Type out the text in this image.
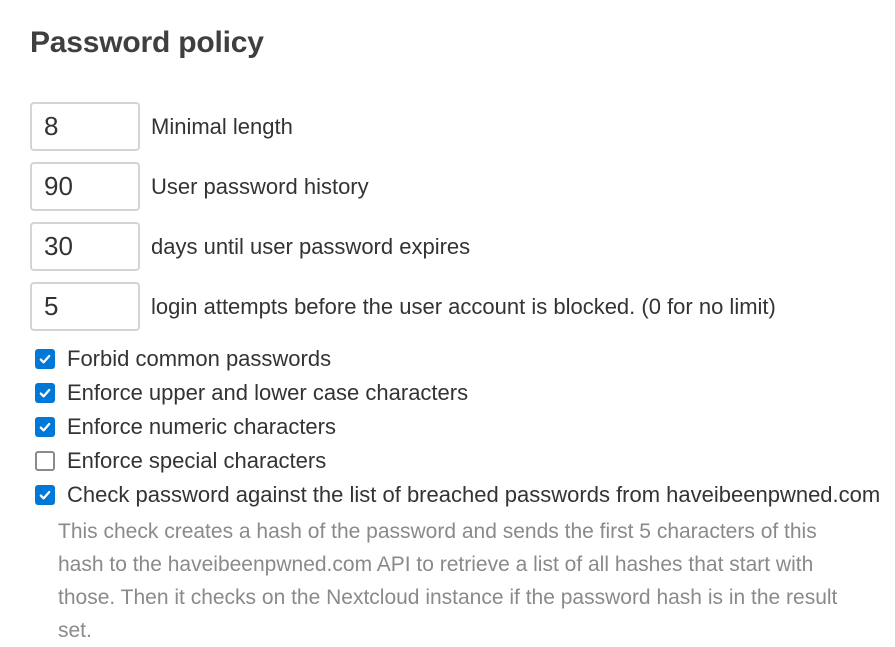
Password policy
8
Minimal length
90
User password history
30
days until user password expires
5
login attempts before the user account is blocked. (0 for no limit)
Forbid common passwords
Enforce upper and lower case characters
Enforce numeric characters
Enforce special characters
Check password against the list of breached passwords from haveibeenpwned.com

This check creates a hash of the password and sends the first 5 characters of this hash to the haveibeenpwned.com API to retrieve a list of all hashes that start with those. Then it checks on the Nextcloud instance if the password hash is in the result set.
